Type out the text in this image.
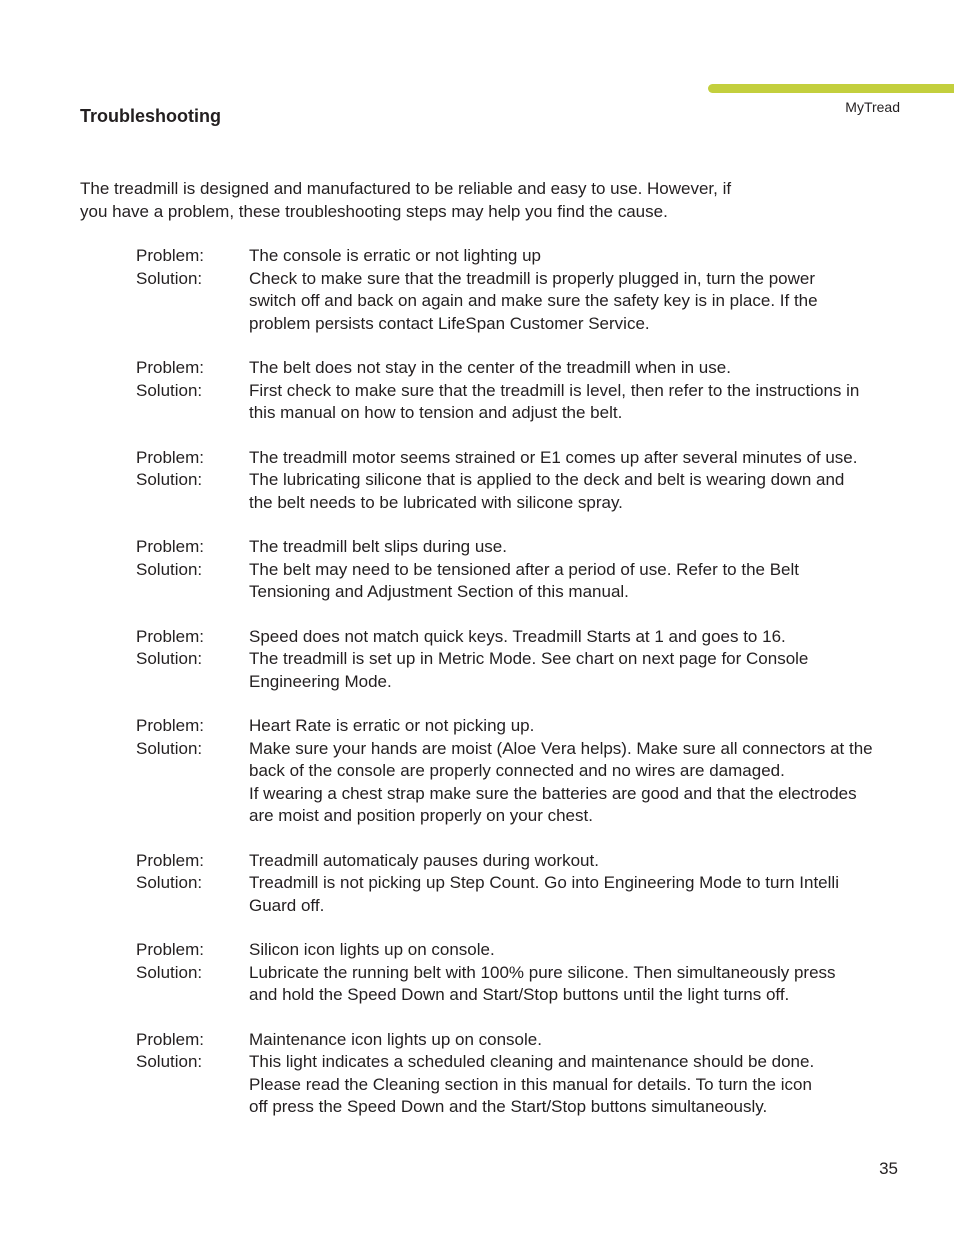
MyTread
Troubleshooting

The treadmill is designed and manufactured to be reliable and easy to use. However, if
you have a problem, these troubleshooting steps may help you find the cause.

Problem:	The console is erratic or not lighting up
Solution:	Check to make sure that the treadmill is properly plugged in, turn the power
switch off and back on again and make sure the safety key is in place. If the
problem persists contact LifeSpan Customer Service.
Problem:	The belt does not stay in the center of the treadmill when in use.
Solution:	First check to make sure that the treadmill is level, then refer to the instructions in
this manual on how to tension and adjust the belt.
Problem:	The treadmill motor seems strained or E1 comes up after several minutes of use.
Solution:	The lubricating silicone that is applied to the deck and belt is wearing down and
the belt needs to be lubricated with silicone spray.
Problem:	The treadmill belt slips during use.
Solution:	The belt may need to be tensioned after a period of use. Refer to the Belt
Tensioning and Adjustment Section of this manual.
Problem:	Speed does not match quick keys. Treadmill Starts at 1 and goes to 16.
Solution:	The treadmill is set up in Metric Mode. See chart on next page for Console
Engineering Mode.
Problem:	Heart Rate is erratic or not picking up.
Solution:	Make sure your hands are moist (Aloe Vera helps). Make sure all connectors at the
back of the console are properly connected and no wires are damaged.
If wearing a chest strap make sure the batteries are good and that the electrodes
are moist and position properly on your chest.
Problem:	Treadmill automaticaly pauses during workout.
Solution:	Treadmill is not picking up Step Count. Go into Engineering Mode to turn Intelli
Guard off.
Problem:	Silicon icon lights up on console.
Solution:	Lubricate the running belt with 100% pure silicone. Then simultaneously press
and hold the Speed Down and Start/Stop buttons until the light turns off.
Problem:	Maintenance icon lights up on console.
Solution:	This light indicates a scheduled cleaning and maintenance should be done.
Please read the Cleaning section in this manual for details. To turn the icon
off press the Speed Down and the Start/Stop buttons simultaneously.
35
